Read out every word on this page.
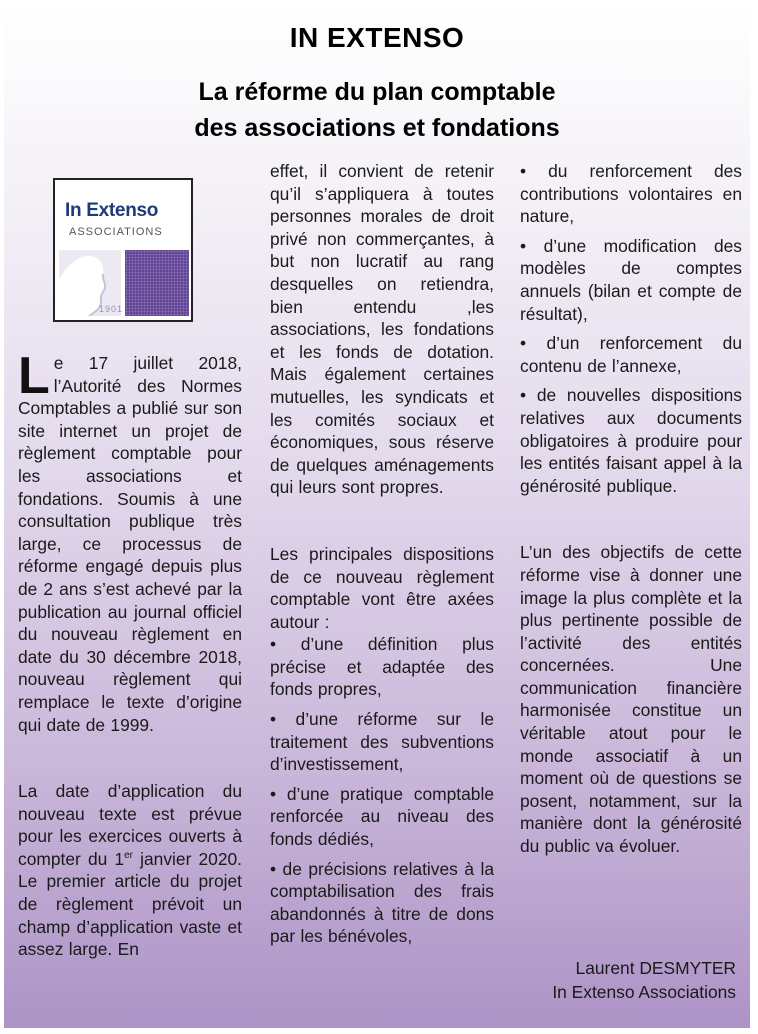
IN EXTENSO
La réforme du plan comptable
des associations et fondations
In Extenso
ASSOCIATIONS
1901

Le 17 juillet 2018, l’Autorité des Normes Comptables a publié sur son site internet un projet de règlement comptable pour les associations et fondations. Soumis à une consultation publique très large, ce processus de réforme engagé depuis plus de 2 ans s’est achevé par la publication au journal officiel du nouveau règlement en date du 30 décembre 2018, nouveau règlement qui remplace le texte d’origine qui date de 1999.

La date d’application du nouveau texte est prévue pour les exercices ouverts à compter du 1er janvier 2020. Le premier article du projet de règlement prévoit un champ d’application vaste et assez large. En

effet, il convient de retenir qu’il s’appliquera à toutes personnes morales de droit privé non commerçantes, à but non lucratif au rang desquelles on retiendra, bien entendu ,les associations, les fondations et les fonds de dotation. Mais également certaines mutuelles, les syndicats et les comités sociaux et économiques, sous réserve de quelques aménagements qui leurs sont propres.

Les principales dispositions de ce nouveau règlement comptable vont être axées autour :

• d’une définition plus précise et adaptée des fonds propres,

• d’une réforme sur le traitement des subventions d’investissement,

• d’une pratique comptable renforcée au niveau des fonds dédiés,

• de précisions relatives à la comptabilisation des frais abandonnés à titre de dons par les bénévoles,

• du renforcement des contributions volontaires en nature,

• d’une modification des modèles de comptes annuels (bilan et compte de résultat),

• d’un renforcement du contenu de l’annexe,

• de nouvelles dispositions relatives aux documents obligatoires à produire pour les entités faisant appel à la générosité publique.

L’un des objectifs de cette réforme vise à donner une image la plus complète et la plus pertinente possible de l’activité des entités concernées. Une communication financière harmonisée constitue un véritable atout pour le monde associatif à un moment où de questions se posent, notamment, sur la manière dont la générosité du public va évoluer.

Laurent DESMYTER
In Extenso Associations
